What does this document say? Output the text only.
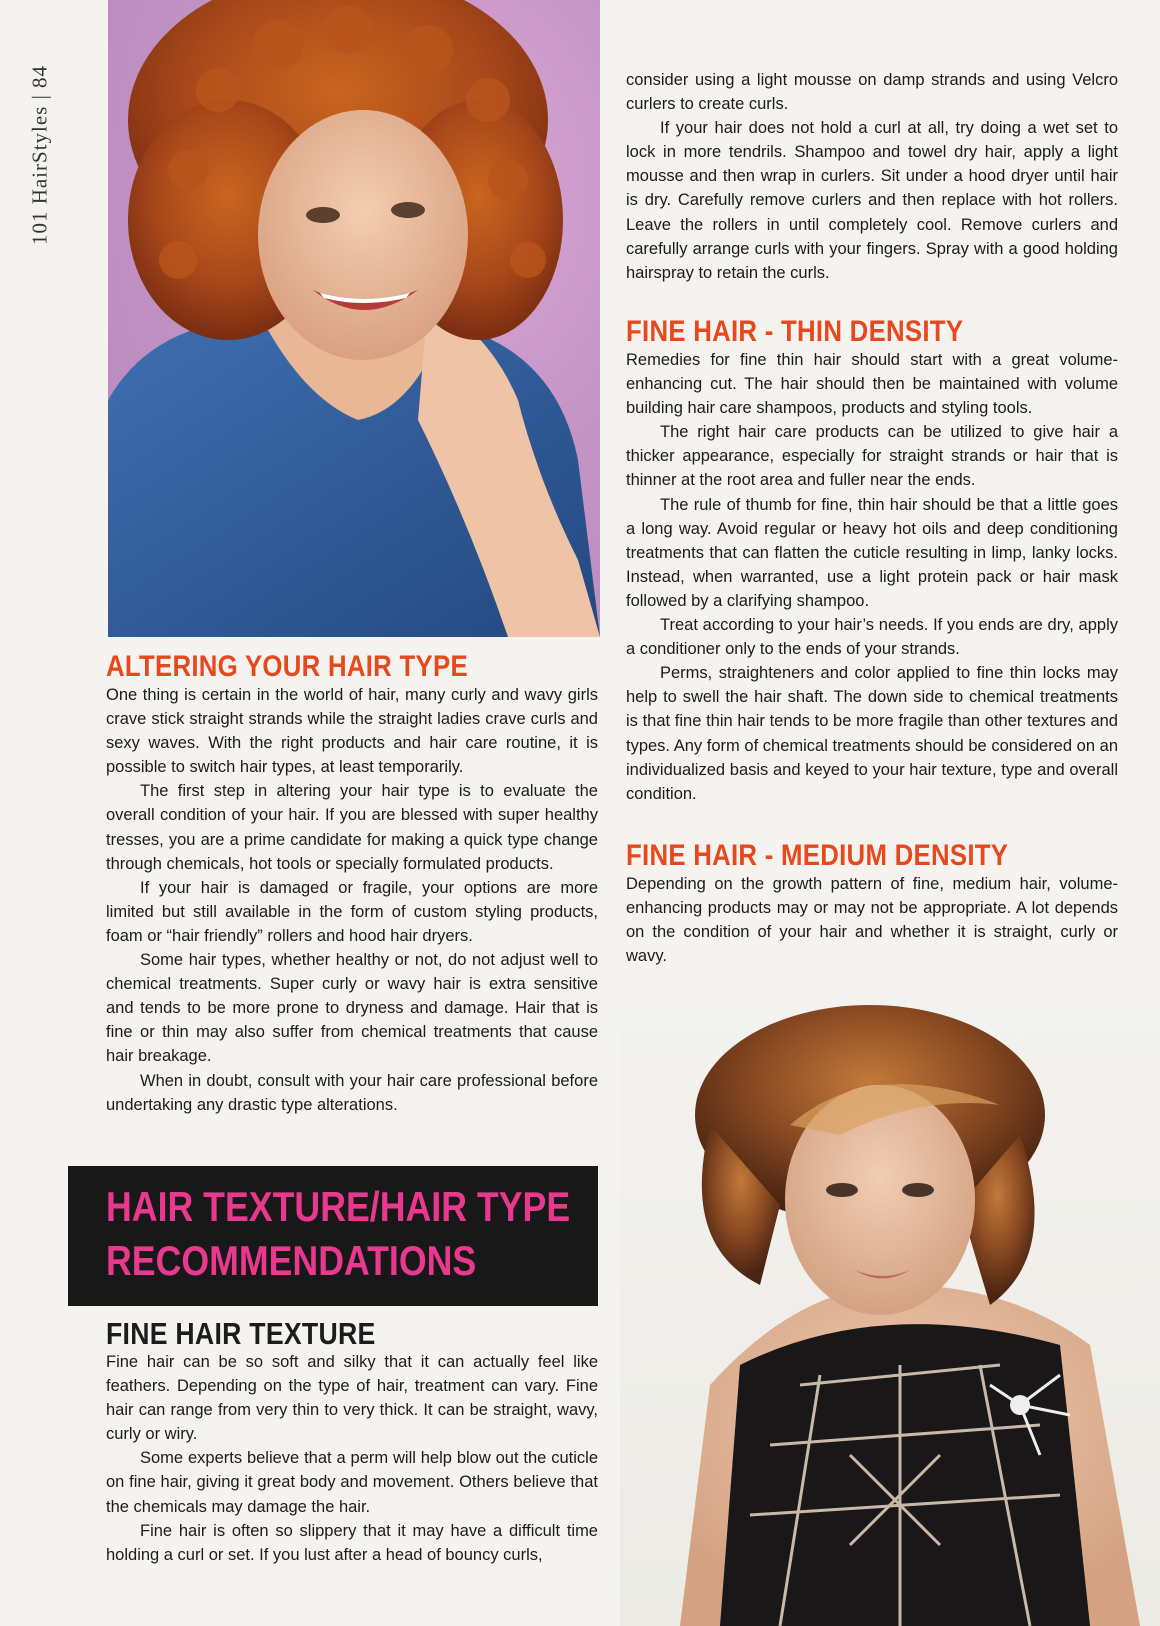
101 HairStyles | 84	consider using a light mousse on damp strands and using Velcro curlers to create curls.

If your hair does not hold a curl at all, try doing a wet set to lock in more tendrils. Shampoo and towel dry hair, apply a light mousse and then wrap in curlers. Sit under a hood dryer until hair is dry. Carefully remove curlers and then replace with hot rollers. Leave the rollers in until completely cool. Remove curlers and carefully arrange curls with your fingers. Spray with a good holding hairspray to retain the curls.

FINE HAIR - THIN DENSITY

Remedies for fine thin hair should start with a great volume-enhancing cut. The hair should then be maintained with volume building hair care shampoos, products and styling tools.

The right hair care products can be utilized to give hair a thicker appearance, especially for straight strands or hair that is thinner at the root area and fuller near the ends.

The rule of thumb for fine, thin hair should be that a little goes a long way. Avoid regular or heavy hot oils and deep conditioning treatments that can flatten the cuticle resulting in limp, lanky locks. Instead, when warranted, use a light protein pack or hair mask followed by a clarifying shampoo.

Treat according to your hair’s needs. If you ends are dry, apply a conditioner only to the ends of your strands.

Perms, straighteners and color applied to fine thin locks may help to swell the hair shaft. The down side to chemical treatments is that fine thin hair tends to be more fragile than other textures and types. Any form of chemical treatments should be considered on an individualized basis and keyed to your hair texture, type and overall condition.

FINE HAIR - MEDIUM DENSITY

Depending on the growth pattern of fine, medium hair, volume-enhancing products may or may not be appropriate. A lot depends on the condition of your hair and whether it is straight, curly or wavy.

ALTERING YOUR HAIR TYPE

One thing is certain in the world of hair, many curly and wavy girls crave stick straight strands while the straight ladies crave curls and sexy waves. With the right products and hair care routine, it is possible to switch hair types, at least temporarily.

The first step in altering your hair type is to evaluate the overall condition of your hair. If you are blessed with super healthy tresses, you are a prime candidate for making a quick type change through chemicals, hot tools or specially formulated products.

If your hair is damaged or fragile, your options are more limited but still available in the form of custom styling products, foam or “hair friendly” rollers and hood hair dryers.

Some hair types, whether healthy or not, do not adjust well to chemical treatments. Super curly or wavy hair is extra sensitive and tends to be more prone to dryness and damage. Hair that is fine or thin may also suffer from chemical treatments that cause hair breakage.

When in doubt, consult with your hair care professional before undertaking any drastic type alterations.

HAIR TEXTURE/HAIR TYPE
RECOMMENDATIONS
FINE HAIR TEXTURE

Fine hair can be so soft and silky that it can actually feel like feathers. Depending on the type of hair, treatment can vary. Fine hair can range from very thin to very thick. It can be straight, wavy, curly or wiry.

Some experts believe that a perm will help blow out the cuticle on fine hair, giving it great body and movement. Others believe that the chemicals may damage the hair.

Fine hair is often so slippery that it may have a difficult time holding a curl or set. If you lust after a head of bouncy curls,
